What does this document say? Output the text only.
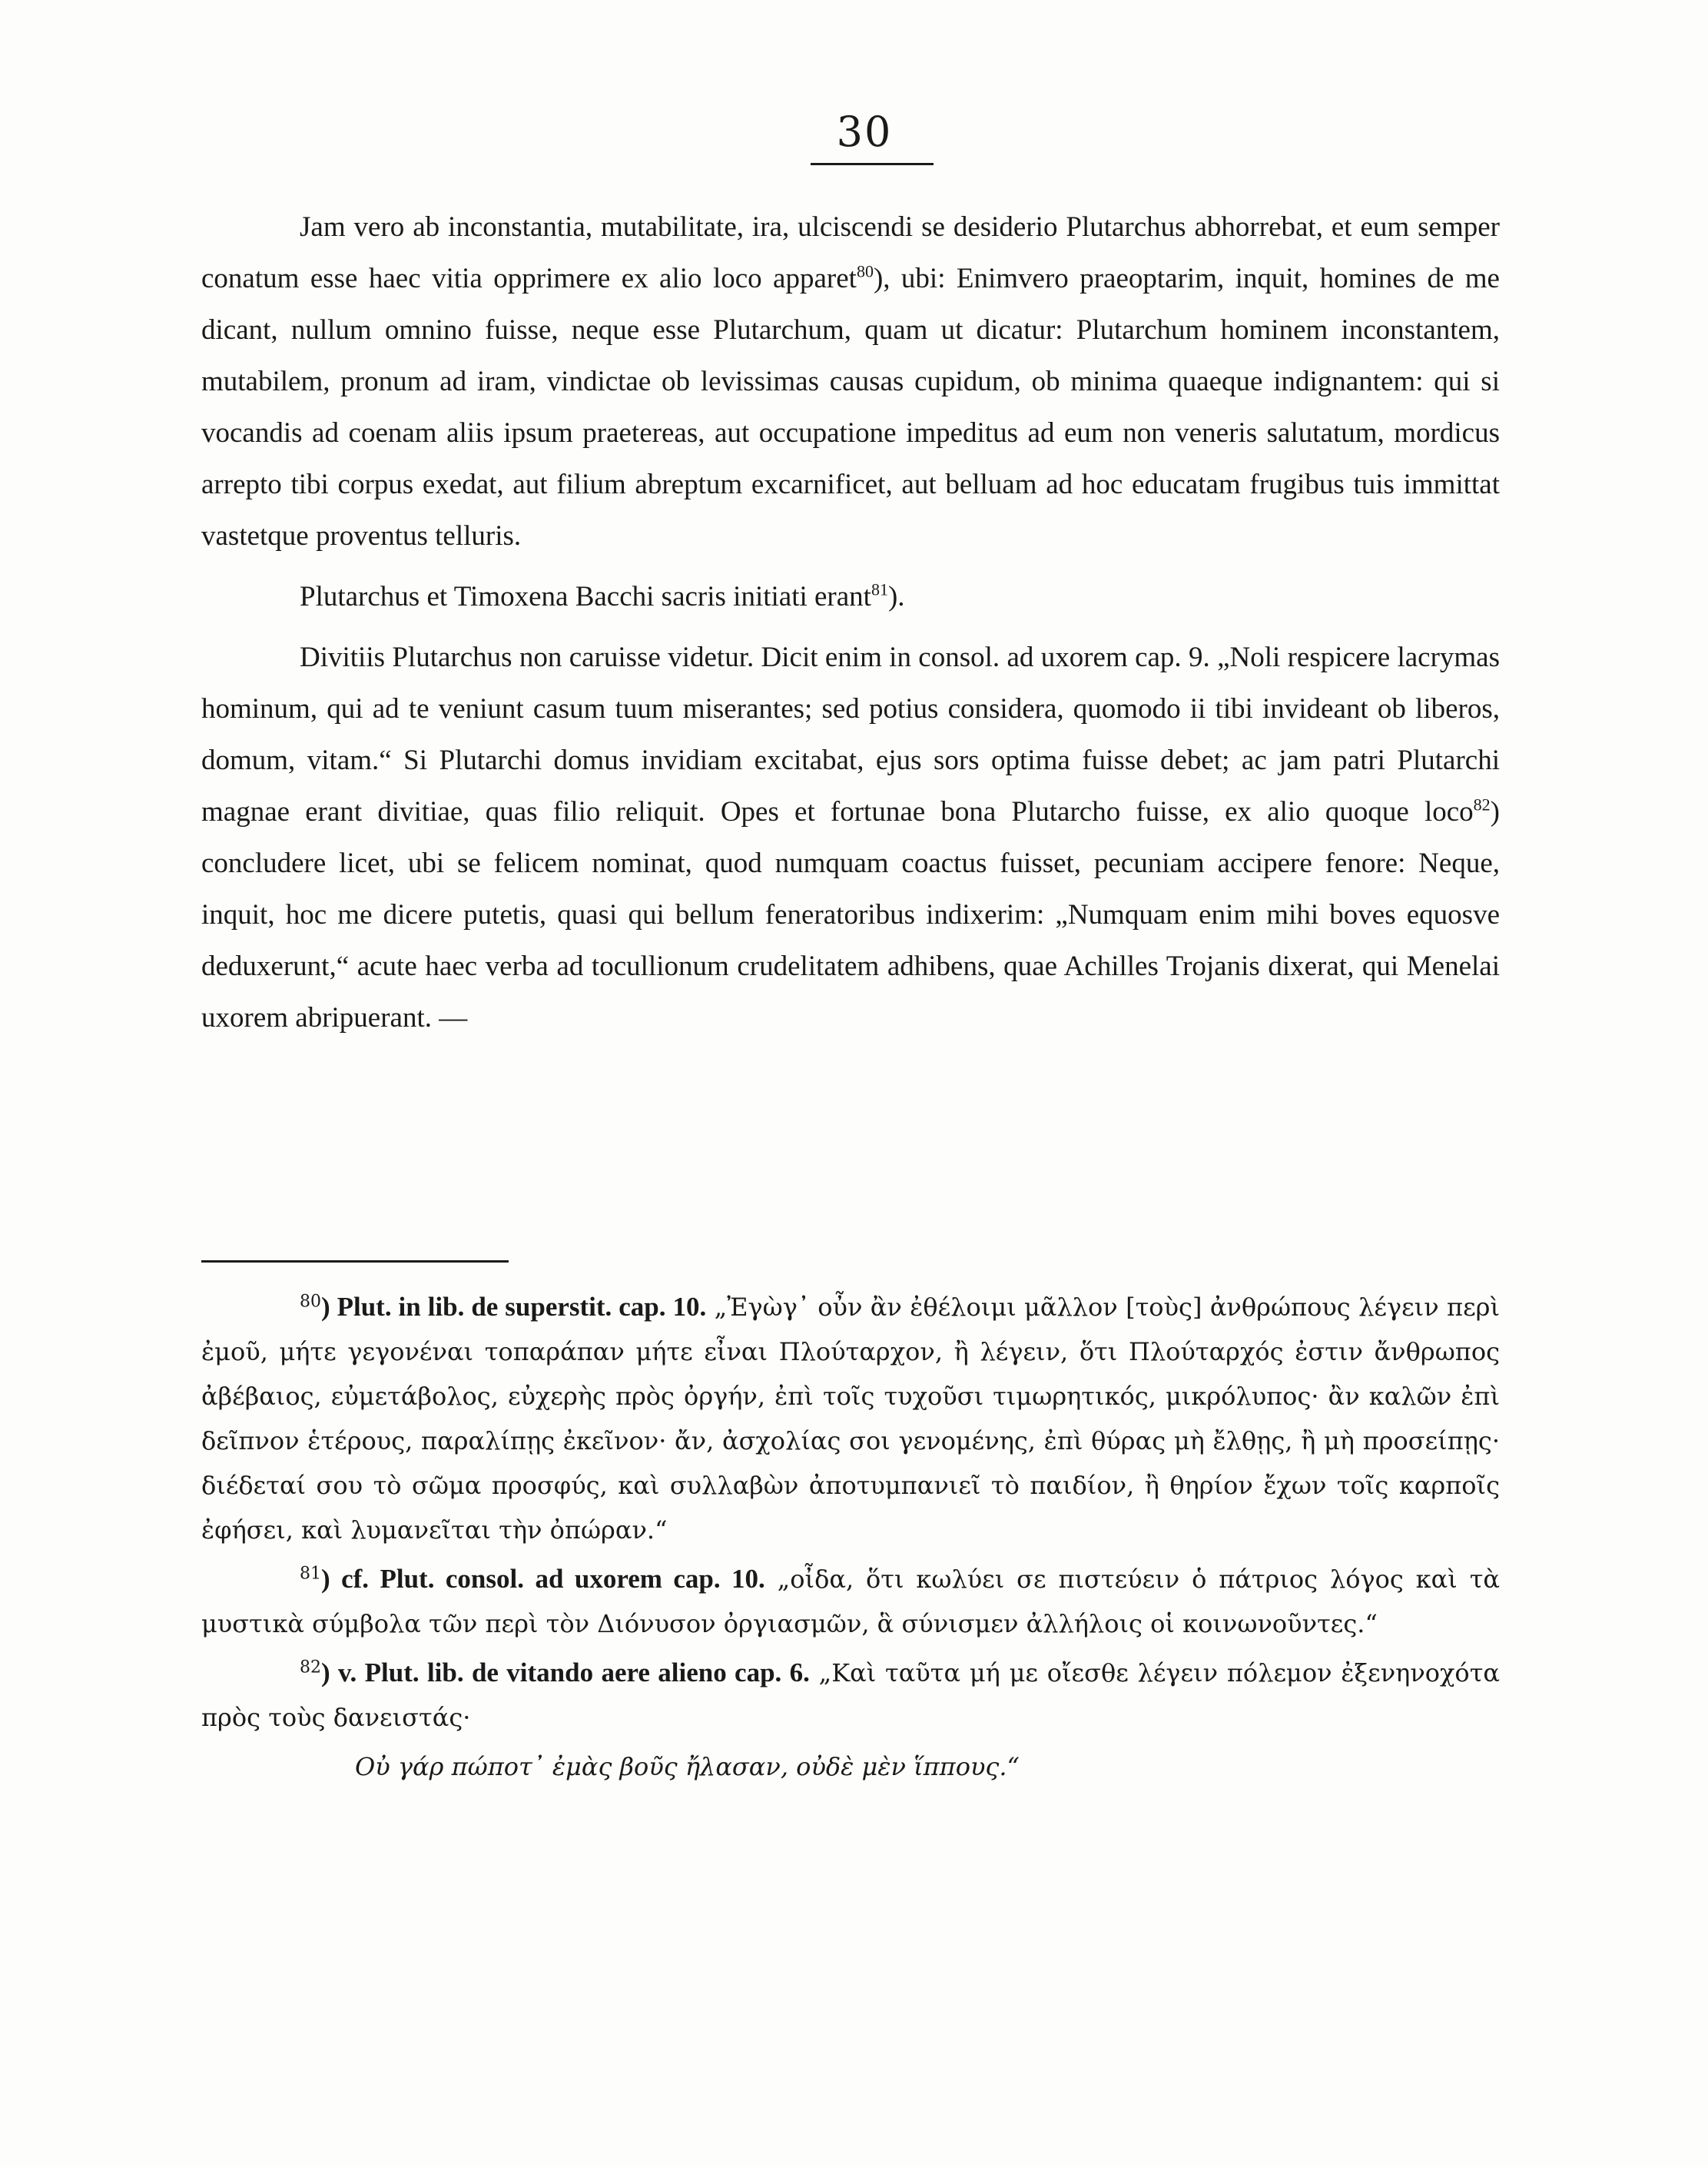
30

Jam vero ab inconstantia, mutabilitate, ira, ulciscendi se desiderio Plutarchus abhorrebat, et eum semper conatum esse haec vitia opprimere ex alio loco apparet$^{80}$), ubi: Enimvero praeoptarim, inquit, homines de me dicant, nullum omnino fuisse, neque esse Plutarchum, quam ut dicatur: Plutarchum hominem inconstantem, mutabilem, pronum ad iram, vindictae ob levissimas causas cupidum, ob minima quaeque indignantem: qui si vocandis ad coenam aliis ipsum praetereas, aut occupatione impeditus ad eum non veneris salutatum, mordicus arrepto tibi corpus exedat, aut filium abreptum excarnificet, aut belluam ad hoc educatam frugibus tuis immittat vastetque proventus telluris.

Plutarchus et Timoxena Bacchi sacris initiati erant$^{81}$).

Divitiis Plutarchus non caruisse videtur. Dicit enim in consol. ad uxorem cap. 9. „Noli respicere lacrymas hominum, qui ad te veniunt casum tuum miserantes; sed potius considera, quomodo ii tibi invideant ob liberos, domum, vitam.“ Si Plutarchi domus invidiam excitabat, ejus sors optima fuisse debet; ac jam patri Plutarchi magnae erant divitiae, quas filio reliquit. Opes et fortunae bona Plutarcho fuisse, ex alio quoque loco$^{82}$) concludere licet, ubi se felicem nominat, quod numquam coactus fuisset, pecuniam accipere fenore: Neque, inquit, hoc me dicere putetis, quasi qui bellum feneratoribus indixerim: „Numquam enim mihi boves equosve deduxerunt,“ acute haec verba ad tocullionum crudelitatem adhibens, quae Achilles Trojanis dixerat, qui Menelai uxorem abripuerant. —

$^{80}$) Plut. in lib. de superstit. cap. 10. „Ἐγὼγ᾽ οὖν ἂν ἐθέλοιμι μᾶλλον [τοὺς] ἀνθρώπους λέγειν περὶ ἐμοῦ, μήτε γεγονέναι τοπαράπαν μήτε εἶναι Πλούταρχον, ἢ λέγειν, ὅτι Πλούταρχός ἐστιν ἄνθρωπος ἀβέβαιος, εὐμετάβολος, εὐχερὴς πρὸς ὀργήν, ἐπὶ τοῖς τυχοῦσι τιμωρητικός, μικρόλυπος· ἂν καλῶν ἐπὶ δεῖπνον ἑτέρους, παραλίπῃς ἐκεῖνον· ἄν, ἀσχολίας σοι γενομένης, ἐπὶ θύρας μὴ ἔλθῃς, ἢ μὴ προσείπῃς· διέδεταί σου τὸ σῶμα προσφύς, καὶ συλλαβὼν ἀποτυμπανιεῖ τὸ παιδίον, ἢ θηρίον ἔχων τοῖς καρποῖς ἐφήσει, καὶ λυμανεῖται τὴν ὀπώραν.“

$^{81}$) cf. Plut. consol. ad uxorem cap. 10. „οἶδα, ὅτι κωλύει σε πιστεύειν ὁ πάτριος λόγος καὶ τὰ μυστικὰ σύμβολα τῶν περὶ τὸν Διόνυσον ὀργιασμῶν, ἃ σύνισμεν ἀλλήλοις οἱ κοινωνοῦντες.“

$^{82}$) v. Plut. lib. de vitando aere alieno cap. 6. „Καὶ ταῦτα μή με οἴεσθε λέγειν πόλεμον ἐξενηνοχότα πρὸς τοὺς δανειστάς·

Οὐ γάρ πώποτ᾽ ἐμὰς βοῦς ἤλασαν, οὐδὲ μὲν ἵππους.“
